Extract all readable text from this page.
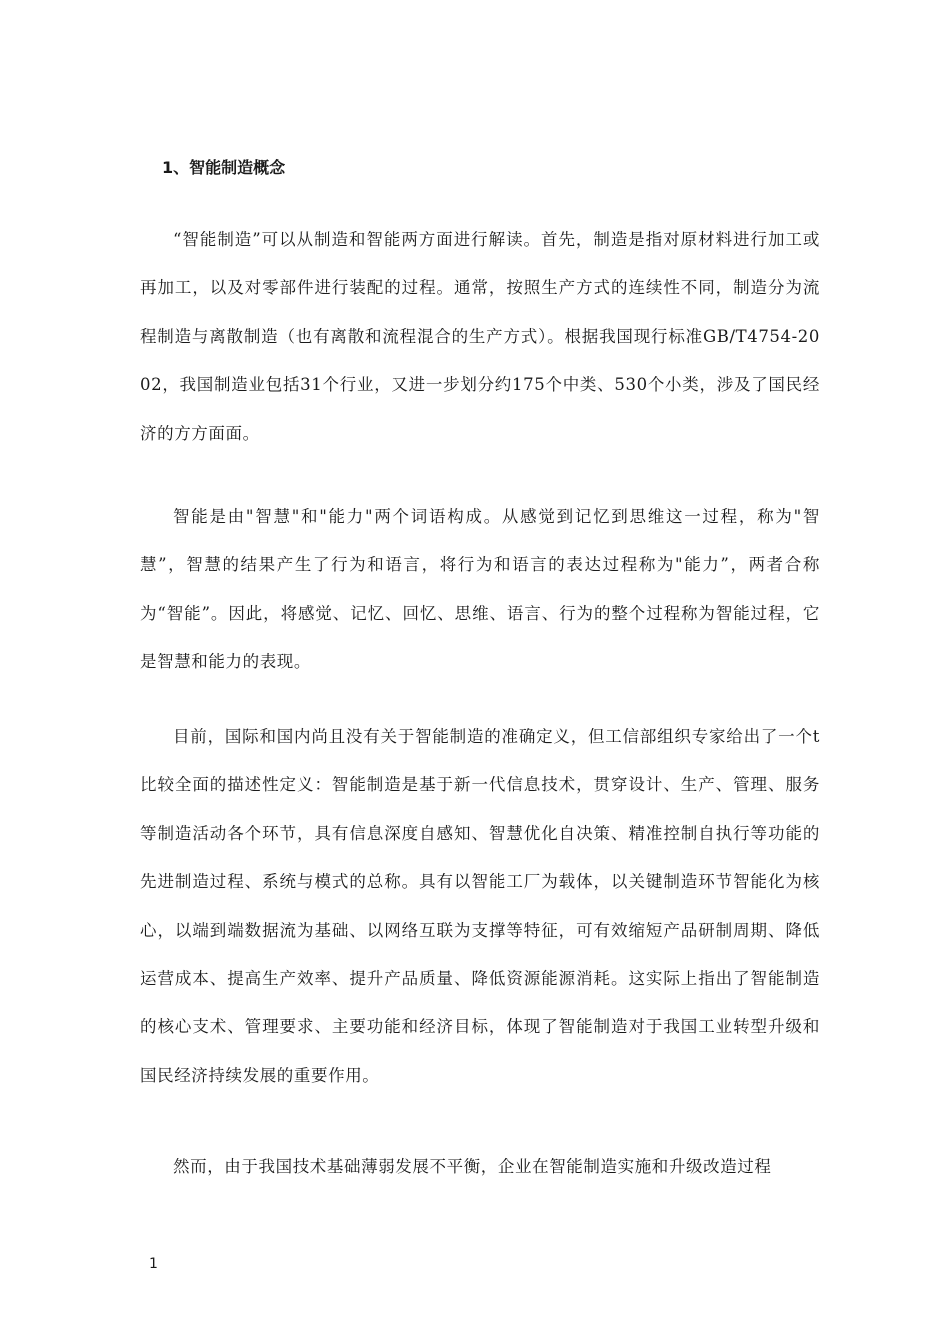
1、智能制造概念

“智能制造”可以从制造和智能两方面进行解读。首先，制造是指对原材料进行加工或再加工，以及对零部件进行装配的过程。通常，按照生产方式的连续性不同，制造分为流程制造与离散制造（也有离散和流程混合的生产方式）。根据我国现行标准GB/T4754-2002，我国制造业包括31个行业，又进一步划分约175个中类、530个小类，涉及了国民经济的方方面面。

智能是由"智慧"和"能力"两个词语构成。从感觉到记忆到思维这一过程，称为"智慧”，智慧的结果产生了行为和语言，将行为和语言的表达过程称为"能力”，两者合称为“智能”。因此，将感觉、记忆、回忆、思维、语言、行为的整个过程称为智能过程，它是智慧和能力的表现。

目前，国际和国内尚且没有关于智能制造的准确定义，但工信部组织专家给出了一个t比较全面的描述性定义：智能制造是基于新一代信息技术，贯穿设计、生产、管理、服务等制造活动各个环节，具有信息深度自感知、智慧优化自决策、精准控制自执行等功能的先进制造过程、系统与模式的总称。具有以智能工厂为载体，以关键制造环节智能化为核心，以端到端数据流为基础、以网络互联为支撑等特征，可有效缩短产品研制周期、降低运营成本、提高生产效率、提升产品质量、降低资源能源消耗。这实际上指出了智能制造的核心支术、管理要求、主要功能和经济目标，体现了智能制造对于我国工业转型升级和国民经济持续发展的重要作用。

然而，由于我国技术基础薄弱发展不平衡，企业在智能制造实施和升级改造过程

1
